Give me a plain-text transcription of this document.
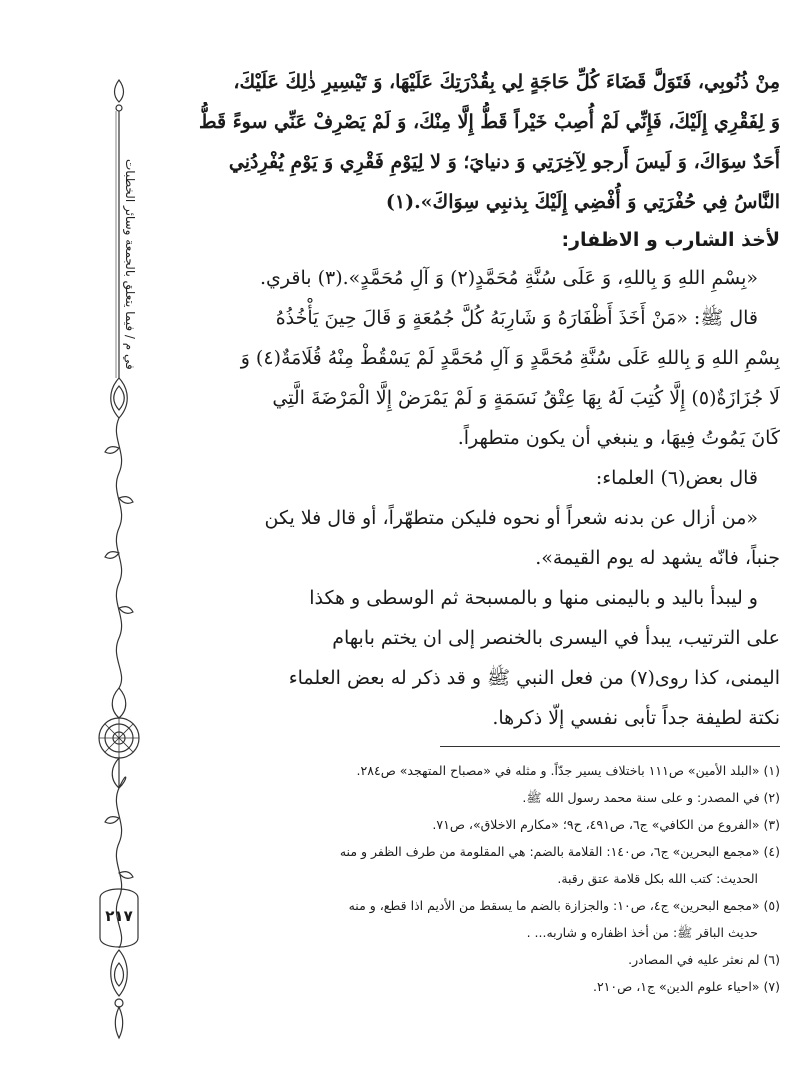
في م / فيما يتعلق بالجمعة وسائر الخطبات
٢١٧
مِنْ ذُنُوبِي، فَتَوَلَّ قَضَاءَ كُلِّ حَاجَةٍ لِي بِقُدْرَتِكَ عَلَيْهَا، وَ تَيْسِيرِ ذٰلِكَ عَلَيْكَ،
وَ لِفَقْرِي إِلَيْكَ، فَإِنِّي لَمْ أُصِبْ خَيْراً قَطُّ إِلَّا مِنْكَ، وَ لَمْ يَصْرِفْ عَنِّي سوءً قَطُّ
أَحَدٌ سِوَاكَ، وَ لَيسَ أَرجو لِآخِرَتِي وَ دنيايَ؛ وَ لا لِيَوْمِ فَقْرِي وَ يَوْمِ يُفْرِدُنِي
النَّاسُ فِي حُفْرَتِي وَ أُفْضِي إِلَيْكَ بِذنبِي سِوَاكَ».(١)
لأخذ الشارب و الاظفار:
«بِسْمِ اللهِ وَ بِاللهِ، وَ عَلَى سُنَّةِ مُحَمَّدٍ(٢) وَ آلِ مُحَمَّدٍ».(٣) باقري.
قال ﷺ: «مَنْ أَخَذَ أَظْفَارَهُ وَ شَارِبَهُ كُلَّ جُمُعَةٍ وَ قَالَ حِينَ يَأْخُذُهُ
بِسْمِ اللهِ وَ بِاللهِ عَلَى سُنَّةِ مُحَمَّدٍ وَ آلِ مُحَمَّدٍ لَمْ يَسْقُطْ مِنْهُ قُلَامَةٌ(٤) وَ
لَا جُزَازَةٌ(٥) إِلَّا كُتِبَ لَهُ بِهَا عِتْقُ نَسَمَةٍ وَ لَمْ يَمْرَضْ إِلَّا الْمَرْضَةَ الَّتِي
كَانَ يَمُوتُ فِيهَا، و ينبغي أن يكون متطهراً.
قال بعض(٦) العلماء:
«من أزال عن بدنه شعراً أو نحوه فليكن متطهّراً، أو قال فلا يكن
جنباً، فانّه يشهد له يوم القيمة».
و ليبدأ باليد و باليمنى منها و بالمسبحة ثم الوسطى و هكذا
على الترتيب، يبدأ في اليسرى بالخنصر إلى ان يختم بابهام
اليمنى، كذا روى(٧) من فعل النبي ﷺ و قد ذكر له بعض العلماء
نكتة لطيفة جداً تأبى نفسي إلّا ذكرها.
(١) «البلد الأمين» ص١١١ باختلاف يسير جدّاً. و مثله في «مصباح المتهجد» ص٢٨٤.
(٢) في المصدر: و على سنة محمد رسول الله ﷺ.
(٣) «الفروع من الكافي» ج٦، ص٤٩١، ح٩؛ «مكارم الاخلاق»، ص٧١.
(٤) «مجمع البحرين» ج٦، ص١٤٠: القلامة بالضم: هي المقلومة من طرف الظفر و منه
الحديث: كتب الله بكل قلامة عتق رقبة.
(٥) «مجمع البحرين» ج٤، ص١٠: والجزازة بالضم ما يسقط من الأديم اذا قطع، و منه
حديث الباقر ﷺ: من أخذ اظفاره و شاربه... .
(٦) لم نعثر عليه في المصادر.
(٧) «احياء علوم الدين» ج١، ص٢١٠.
